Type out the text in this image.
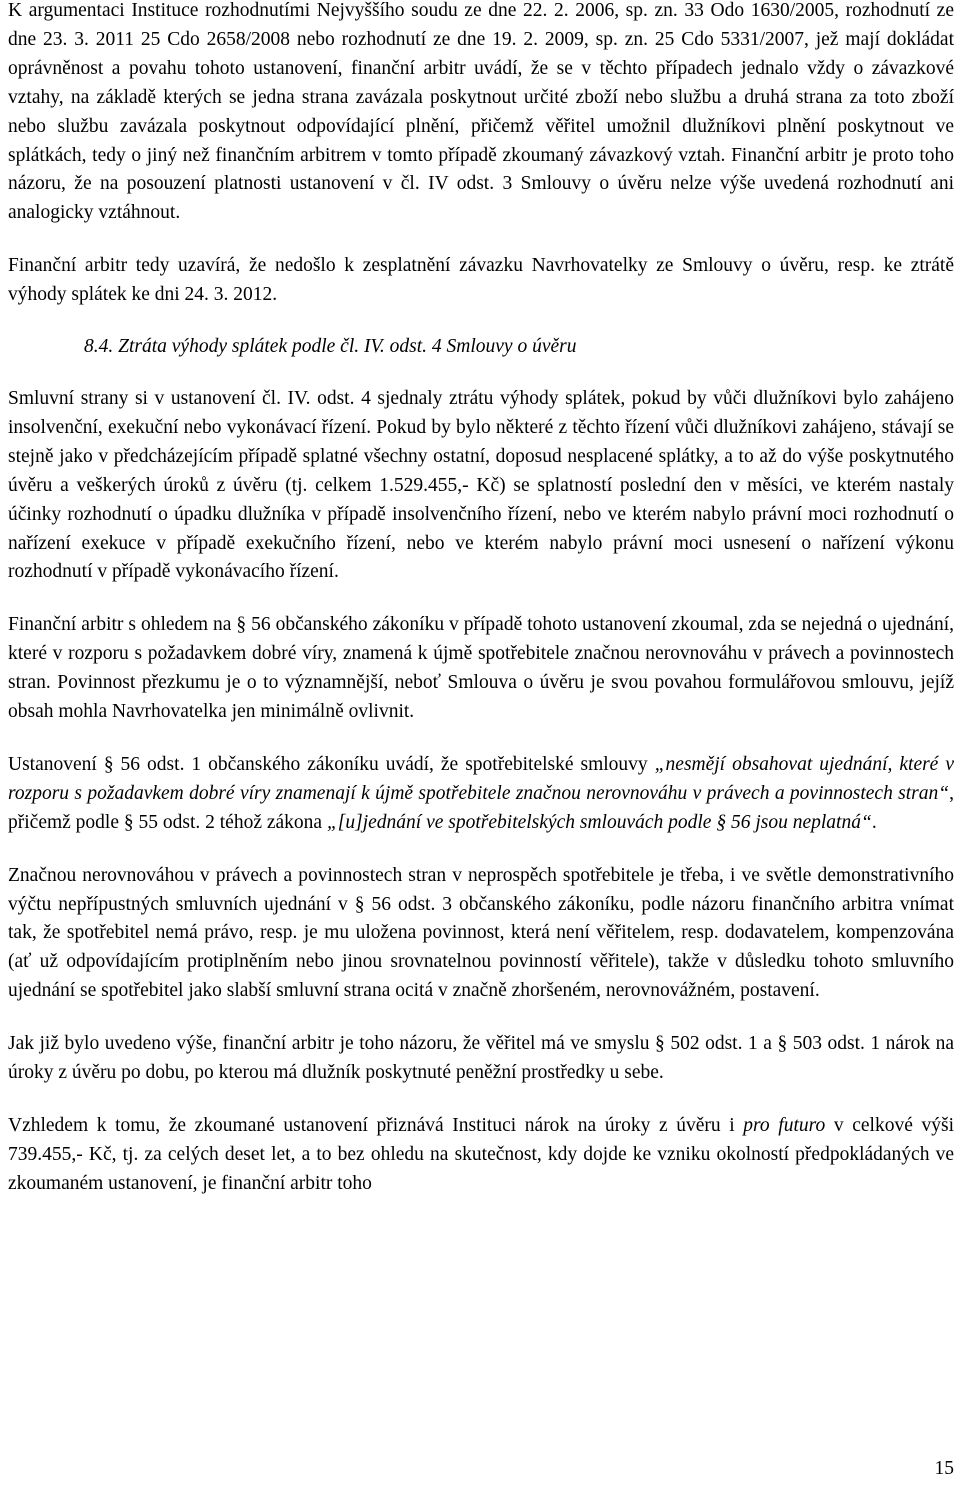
K argumentaci Instituce rozhodnutími Nejvyššího soudu ze dne 22. 2. 2006, sp. zn. 33 Odo 1630/2005, rozhodnutí ze dne 23. 3. 2011 25 Cdo 2658/2008 nebo rozhodnutí ze dne 19. 2. 2009, sp. zn. 25 Cdo 5331/2007, jež mají dokládat oprávněnost a povahu tohoto ustanovení, finanční arbitr uvádí, že se v těchto případech jednalo vždy o závazkové vztahy, na základě kterých se jedna strana zavázala poskytnout určité zboží nebo službu a druhá strana za toto zboží nebo službu zavázala poskytnout odpovídající plnění, přičemž věřitel umožnil dlužníkovi plnění poskytnout ve splátkách, tedy o jiný než finančním arbitrem v tomto případě zkoumaný závazkový vztah. Finanční arbitr je proto toho názoru, že na posouzení platnosti ustanovení v čl. IV odst. 3 Smlouvy o úvěru nelze výše uvedená rozhodnutí ani analogicky vztáhnout.

Finanční arbitr tedy uzavírá, že nedošlo k zesplatnění závazku Navrhovatelky ze Smlouvy o úvěru, resp. ke ztrátě výhody splátek ke dni 24. 3. 2012.

8.4. Ztráta výhody splátek podle čl. IV. odst. 4 Smlouvy o úvěru

Smluvní strany si v ustanovení čl. IV. odst. 4 sjednaly ztrátu výhody splátek, pokud by vůči dlužníkovi bylo zahájeno insolvenční, exekuční nebo vykonávací řízení. Pokud by bylo některé z těchto řízení vůči dlužníkovi zahájeno, stávají se stejně jako v předcházejícím případě splatné všechny ostatní, doposud nesplacené splátky, a to až do výše poskytnutého úvěru a veškerých úroků z úvěru (tj. celkem 1.529.455,- Kč) se splatností poslední den v měsíci, ve kterém nastaly účinky rozhodnutí o úpadku dlužníka v případě insolvenčního řízení, nebo ve kterém nabylo právní moci rozhodnutí o nařízení exekuce v případě exekučního řízení, nebo ve kterém nabylo právní moci usnesení o nařízení výkonu rozhodnutí v případě vykonávacího řízení.

Finanční arbitr s ohledem na § 56 občanského zákoníku v případě tohoto ustanovení zkoumal, zda se nejedná o ujednání, které v rozporu s požadavkem dobré víry, znamená k újmě spotřebitele značnou nerovnováhu v právech a povinnostech stran. Povinnost přezkumu je o to významnější, neboť Smlouva o úvěru je svou povahou formulářovou smlouvu, jejíž obsah mohla Navrhovatelka jen minimálně ovlivnit.

Ustanovení § 56 odst. 1 občanského zákoníku uvádí, že spotřebitelské smlouvy „nesmějí obsahovat ujednání, které v rozporu s požadavkem dobré víry znamenají k újmě spotřebitele značnou nerovnováhu v právech a povinnostech stran“, přičemž podle § 55 odst. 2 téhož zákona „[u]jednání ve spotřebitelských smlouvách podle § 56 jsou neplatná“.

Značnou nerovnováhou v právech a povinnostech stran v neprospěch spotřebitele je třeba, i ve světle demonstrativního výčtu nepřípustných smluvních ujednání v § 56 odst. 3 občanského zákoníku, podle názoru finančního arbitra vnímat tak, že spotřebitel nemá právo, resp. je mu uložena povinnost, která není věřitelem, resp. dodavatelem, kompenzována (ať už odpovídajícím protiplněním nebo jinou srovnatelnou povinností věřitele), takže v důsledku tohoto smluvního ujednání se spotřebitel jako slabší smluvní strana ocitá v značně zhoršeném, nerovnovážném, postavení.

Jak již bylo uvedeno výše, finanční arbitr je toho názoru, že věřitel má ve smyslu § 502 odst. 1 a § 503 odst. 1 nárok na úroky z úvěru po dobu, po kterou má dlužník poskytnuté peněžní prostředky u sebe.

Vzhledem k tomu, že zkoumané ustanovení přiznává Instituci nárok na úroky z úvěru i pro futuro v celkové výši 739.455,- Kč, tj. za celých deset let, a to bez ohledu na skutečnost, kdy dojde ke vzniku okolností předpokládaných ve zkoumaném ustanovení, je finanční arbitr toho

15
